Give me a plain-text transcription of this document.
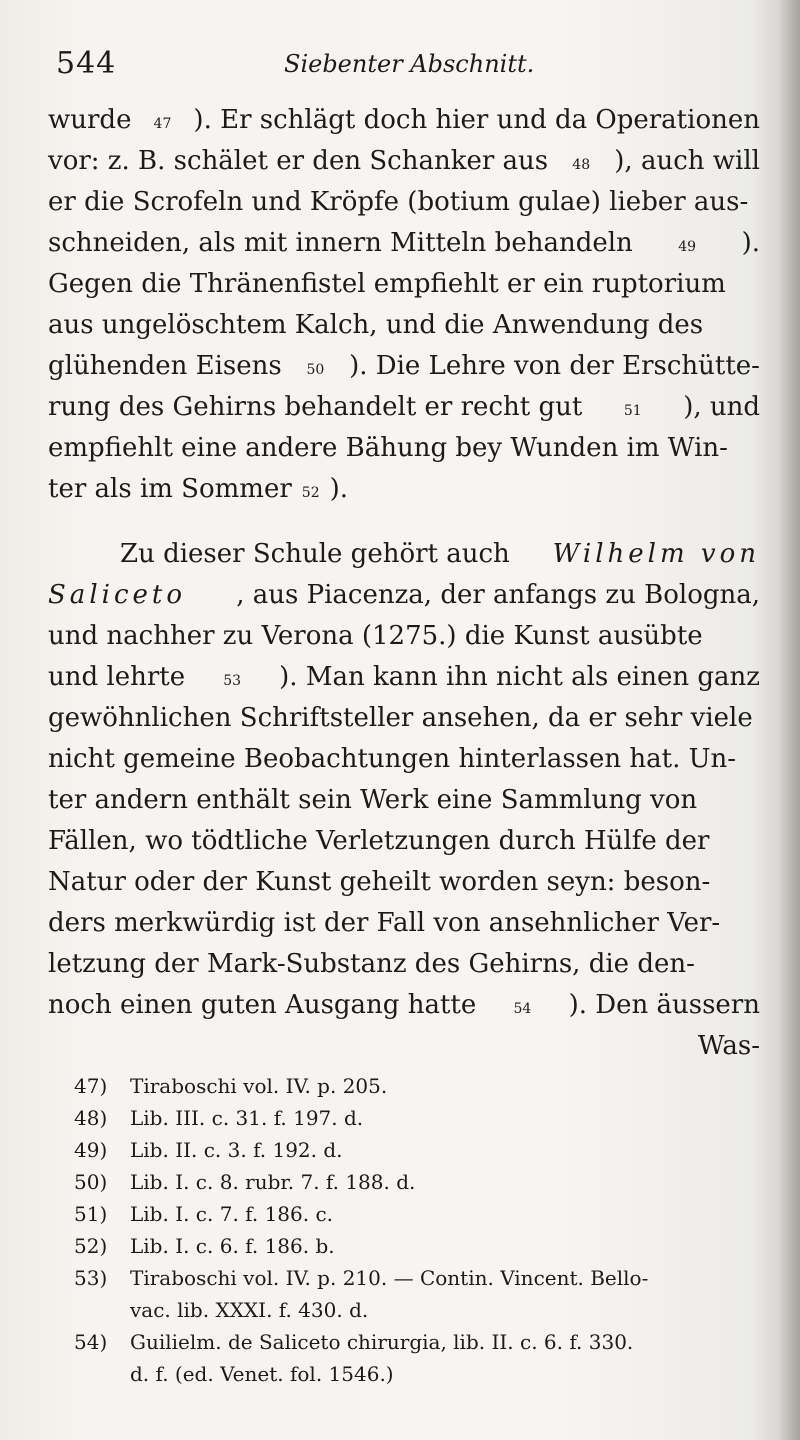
544	Siebenter Abschnitt.
wurde 47 ). Er schlägt doch hier und da Operationen
vor: z. B. schälet er den Schanker aus 48 ), auch will
er die Scrofeln und Kröpfe (botium gulae) lieber aus-
schneiden, als mit innern Mitteln behandeln	49 ).
Gegen die Thränenfistel empfiehlt er ein ruptorium
aus ungelöschtem Kalch, und die Anwendung des
glühenden Eisens 50 ). Die Lehre von der Erschütte-
rung des Gehirns behandelt er recht gut	51 ), und
empfiehlt eine andere Bähung bey Wunden im Win-
ter als im Sommer 52 ).
Zu dieser Schule gehört auch Wilhelm von
Saliceto , aus Piacenza, der anfangs zu Bologna,
und nachher zu Verona (1275.) die Kunst ausübte
und lehrte	53 ). Man kann ihn nicht als einen ganz
gewöhnlichen Schriftsteller ansehen, da er sehr viele
nicht gemeine Beobachtungen hinterlassen hat. Un-
ter andern enthält sein Werk eine Sammlung von
Fällen, wo tödtliche Verletzungen durch Hülfe der
Natur oder der Kunst geheilt worden seyn: beson-
ders merkwürdig ist der Fall von ansehnlicher Ver-
letzung der Mark-Substanz des Gehirns, die den-
noch einen guten Ausgang hatte	54 ). Den äussern
Was-
47)	Tiraboschi vol. IV. p. 205.
48)	Lib. III. c. 31. f. 197. d.
49)	Lib. II. c. 3. f. 192. d.
50)	Lib. I. c. 8. rubr. 7. f. 188. d.
51)	Lib. I. c. 7. f. 186. c.
52)	Lib. I. c. 6. f. 186. b.
53)	Tiraboschi vol. IV. p. 210. — Contin. Vincent. Bello-
vac. lib. XXXI. f. 430. d.
54)	Guilielm. de Saliceto chirurgia, lib. II. c. 6. f. 330.
d. f. (ed. Venet. fol. 1546.)
